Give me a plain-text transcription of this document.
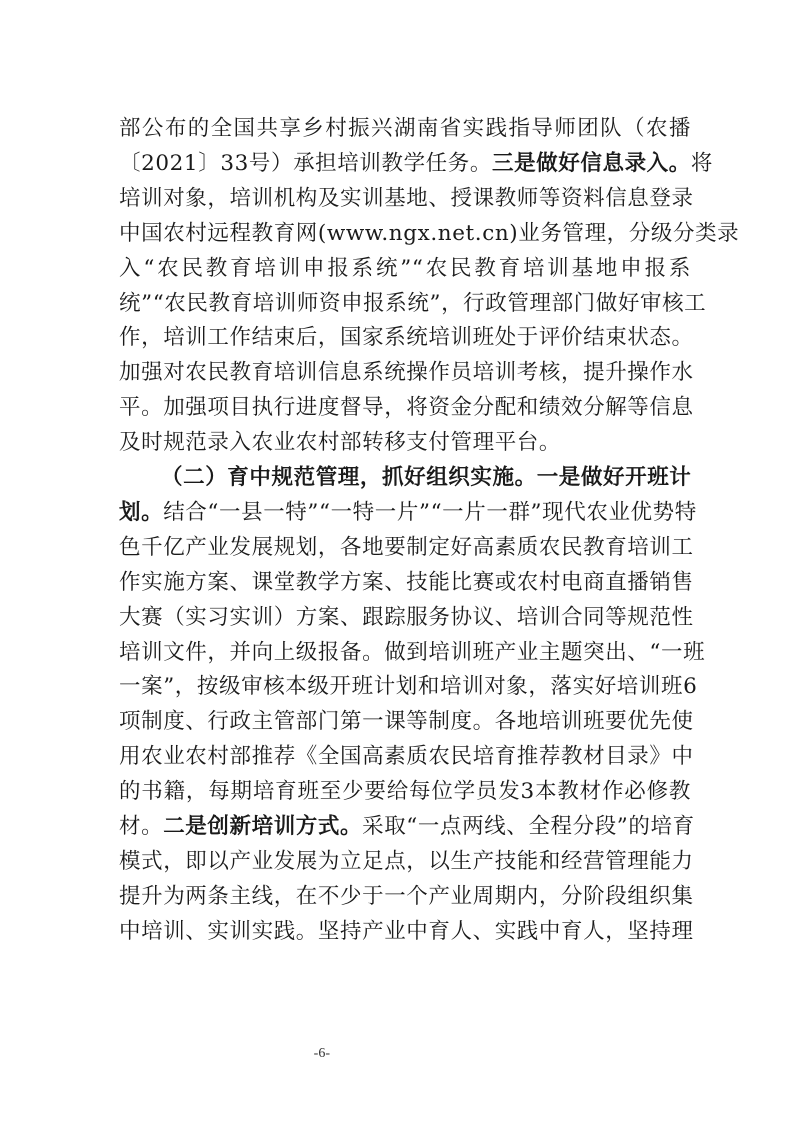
部公布的全国共享乡村振兴湖南省实践指导师团队（农播
〔2021〕33号）承担培训教学任务。三是做好信息录入。将
培训对象，培训机构及实训基地、授课教师等资料信息登录
中国农村远程教育网(www.ngx.net.cn)业务管理，分级分类录
入“农民教育培训申报系统”“农民教育培训基地申报系
统”“农民教育培训师资申报系统”，行政管理部门做好审核工
作，培训工作结束后，国家系统培训班处于评价结束状态。
加强对农民教育培训信息系统操作员培训考核，提升操作水
平。加强项目执行进度督导，将资金分配和绩效分解等信息
及时规范录入农业农村部转移支付管理平台。
（二）育中规范管理，抓好组织实施。一是做好开班计
划。结合“一县一特”“一特一片”“一片一群”现代农业优势特
色千亿产业发展规划，各地要制定好高素质农民教育培训工
作实施方案、课堂教学方案、技能比赛或农村电商直播销售
大赛（实习实训）方案、跟踪服务协议、培训合同等规范性
培训文件，并向上级报备。做到培训班产业主题突出、“一班
一案”，按级审核本级开班计划和培训对象，落实好培训班6
项制度、行政主管部门第一课等制度。各地培训班要优先使
用农业农村部推荐《全国高素质农民培育推荐教材目录》中
的书籍，每期培育班至少要给每位学员发3本教材作必修教
材。二是创新培训方式。采取“一点两线、全程分段”的培育
模式，即以产业发展为立足点，以生产技能和经营管理能力
提升为两条主线，在不少于一个产业周期内，分阶段组织集
中培训、实训实践。坚持产业中育人、实践中育人，坚持理
-6-
